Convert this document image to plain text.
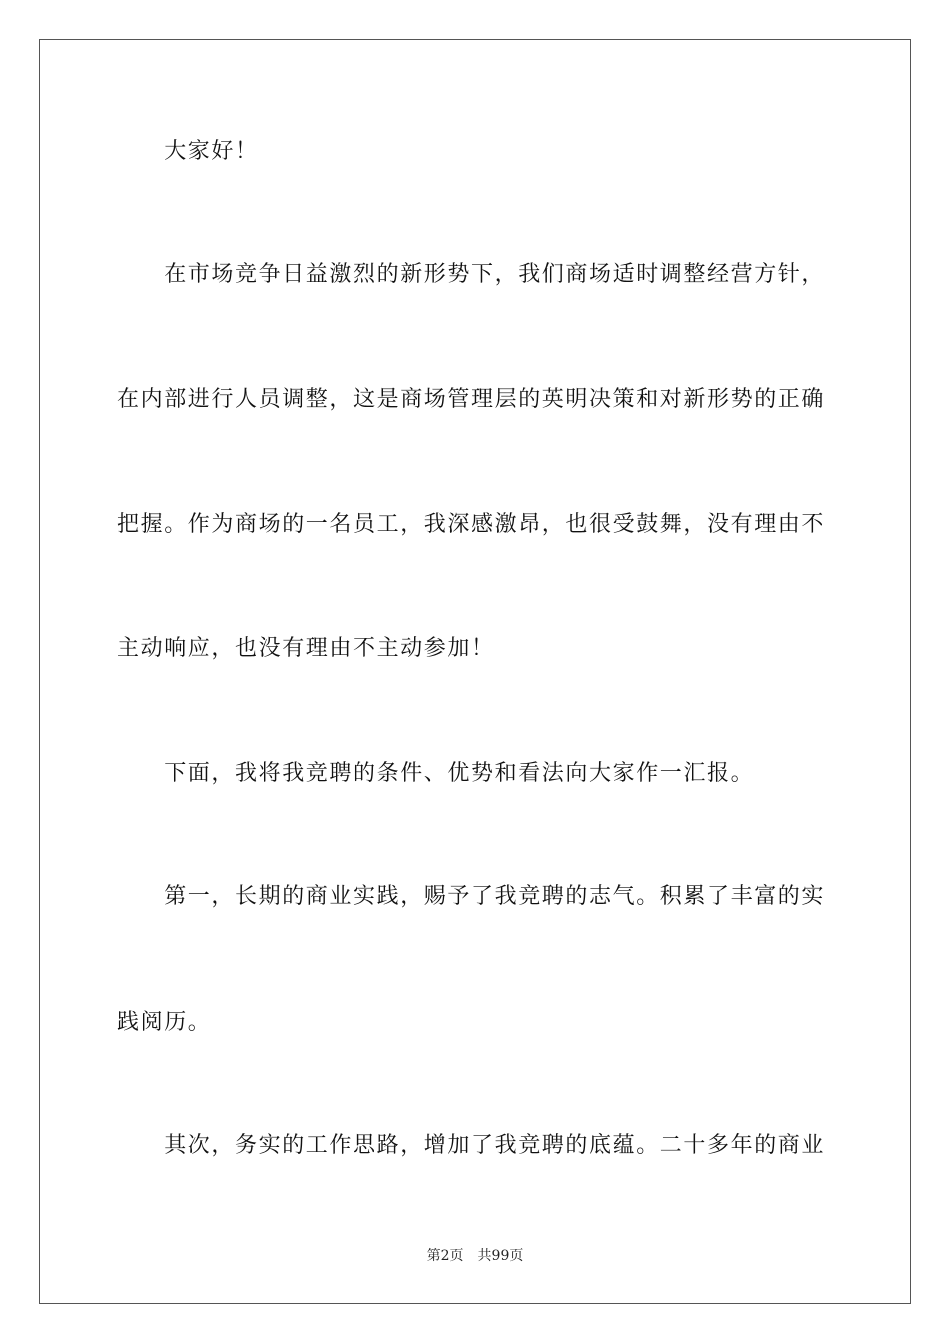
　　大家好！
　　在市场竞争日益激烈的新形势下，我们商场适时调整经营方针，
在内部进行人员调整，这是商场管理层的英明决策和对新形势的正确
把握。作为商场的一名员工，我深感激昂，也很受鼓舞，没有理由不
主动响应，也没有理由不主动参加！
　　下面，我将我竞聘的条件、优势和看法向大家作一汇报。
　　第一，长期的商业实践，赐予了我竞聘的志气。积累了丰富的实
践阅历。
　　其次，务实的工作思路，增加了我竞聘的底蕴。二十多年的商业
第2页 共99页
